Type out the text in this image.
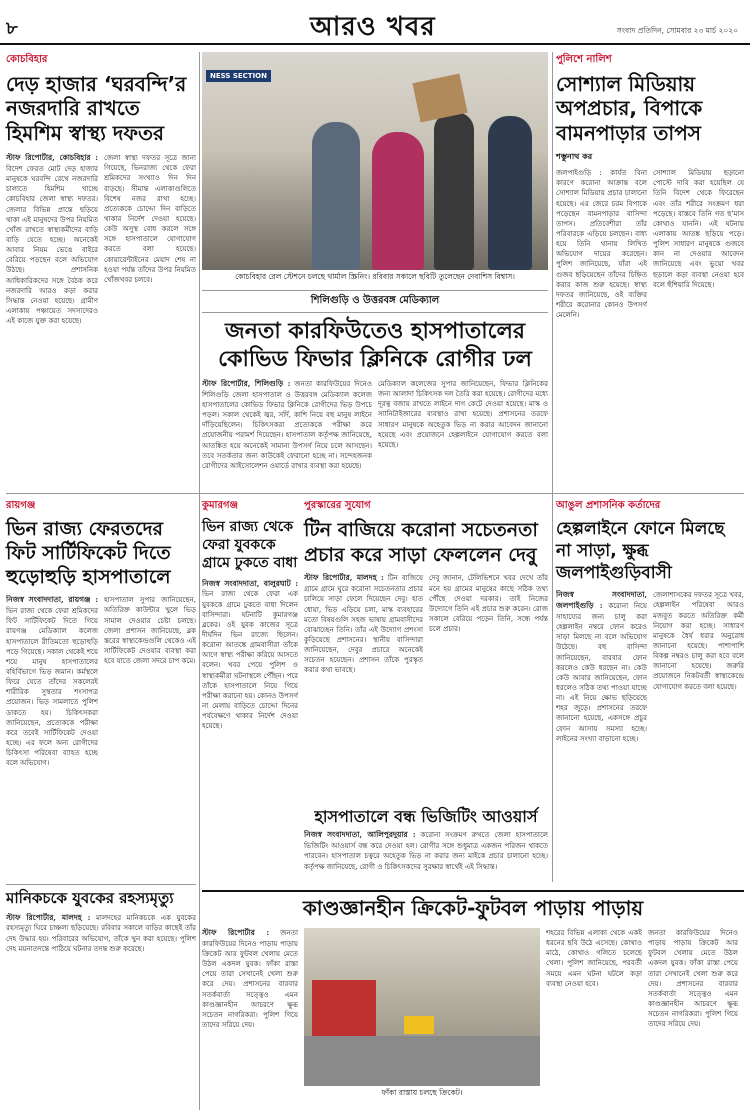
৮	আরও খবর	সংবাদ প্রতিদিন, সোমবার ২৩ মার্চ ২০২০
কোচবিহার
দেড় হাজার ‘ঘরবন্দি’র নজরদারি রাখতে হিমশিম স্বাস্থ্য দফতর
স্টাফ রিপোর্টার, কোচবিহার : বিদেশ ফেরত মোট দেড় হাজার মানুষকে ঘরবন্দি রেখে নজরদারি চালাতে হিমশিম খাচ্ছে কোচবিহার জেলা স্বাস্থ্য দফতর। জেলার বিভিন্ন প্রান্তে ছড়িয়ে থাকা এই মানুষদের উপর নিয়মিত খোঁজ রাখতে স্বাস্থ্যকর্মীদের বাড়ি বাড়ি যেতে হচ্ছে। অনেকেই আবার নিয়ম ভেঙে বাইরে বেরিয়ে পড়ছেন বলে অভিযোগ উঠছে। প্রশাসনিক আধিকারিকদের সঙ্গে বৈঠক করে নজরদারি আরও কড়া করার সিদ্ধান্ত নেওয়া হয়েছে। গ্রামীণ এলাকায় পঞ্চায়েত সদস্যদেরও এই কাজে যুক্ত করা হয়েছে।
জেলা স্বাস্থ্য দফতর সূত্রে জানা গিয়েছে, ভিনরাজ্য থেকে ফেরা শ্রমিকদের সংখ্যাও দিন দিন বাড়ছে। সীমান্ত এলাকাগুলিতে বিশেষ নজর রাখা হচ্ছে। প্রত্যেককে চোদ্দো দিন বাড়িতে থাকার নির্দেশ দেওয়া হয়েছে। কেউ অসুস্থ বোধ করলে সঙ্গে সঙ্গে হাসপাতালে যোগাযোগ করতে বলা হয়েছে। কোয়ারেন্টাইনের মেয়াদ শেষ না হওয়া পর্যন্ত তাঁদের উপর নিয়মিত খোঁজখবর চলবে।
NESS SECTION
কোচবিহার রেল স্টেশনে চলছে থার্মাল স্ক্রিনিং। রবিবার সকালে ছবিটি তুলেছেন দেবাশিস বিশ্বাস।
পুলিশে নালিশ
সোশ্যাল মিডিয়ায় অপপ্রচার, বিপাকে বামনপাড়ার তাপস
শম্ভুনাথ কর
জলপাইগুড়ি : কার্যত বিনা কারণে করোনা আক্রান্ত বলে সোশ্যাল মিডিয়ায় প্রচার চালানো হয়েছে। এর জেরে চরম বিপাকে পড়েছেন বামনপাড়ার বাসিন্দা তাপস। প্রতিবেশীরা তাঁর পরিবারকে এড়িয়ে চলছেন। বাধ্য হয়ে তিনি থানায় লিখিত অভিযোগ দায়ের করেছেন। পুলিশ জানিয়েছে, যাঁরা এই গুজব ছড়িয়েছেন তাঁদের চিহ্নিত করার কাজ শুরু হয়েছে। স্বাস্থ্য দফতর জানিয়েছে, ওই ব্যক্তির শরীরে করোনার কোনও উপসর্গ মেলেনি।
সোশ্যাল মিডিয়ায় ছড়ানো পোস্টে দাবি করা হয়েছিল যে তিনি বিদেশ থেকে ফিরেছেন এবং তাঁর শরীরে সংক্রমণ ধরা পড়েছে। বাস্তবে তিনি গত ছ'মাস কোথাও যাননি। এই ঘটনায় এলাকায় আতঙ্ক ছড়িয়ে পড়ে। পুলিশ সাধারণ মানুষকে গুজবে কান না দেওয়ার আবেদন জানিয়েছে এবং ভুয়ো খবর ছড়ালে কড়া ব্যবস্থা নেওয়া হবে বলে হুঁশিয়ারি দিয়েছে।
শিলিগুড়ি ও উত্তরবঙ্গ মেডিক্যাল
জনতা কারফিউতেও হাসপাতালের কোভিড ফিভার ক্লিনিকে রোগীর ঢল
স্টাফ রিপোর্টার, শিলিগুড়ি : জনতা কারফিউয়ের দিনেও শিলিগুড়ি জেলা হাসপাতাল ও উত্তরবঙ্গ মেডিক্যাল কলেজ হাসপাতালের কোভিড ফিভার ক্লিনিকে রোগীদের ভিড় উপচে পড়ল। সকাল থেকেই জ্বর, সর্দি, কাশি নিয়ে বহু মানুষ লাইনে দাঁড়িয়েছিলেন। চিকিৎসকরা প্রত্যেককে পরীক্ষা করে প্রয়োজনীয় পরামর্শ দিয়েছেন। হাসপাতাল কর্তৃপক্ষ জানিয়েছে, আতঙ্কিত হয়ে অনেকেই সামান্য উপসর্গ নিয়ে চলে আসছেন। তবে সতর্কতার জন্য কাউকেই ফেরানো হচ্ছে না। সন্দেহজনক রোগীদের আইসোলেশন ওয়ার্ডে রাখার ব্যবস্থা করা হয়েছে।
মেডিক্যাল কলেজের সুপার জানিয়েছেন, ফিভার ক্লিনিকের জন্য আলাদা চিকিৎসক দল তৈরি করা হয়েছে। রোগীদের মধ্যে দূরত্ব বজায় রাখতে লাইনে দাগ কেটে দেওয়া হয়েছে। মাস্ক ও স্যানিটাইজারের ব্যবস্থাও রাখা হয়েছে। প্রশাসনের তরফে সাধারণ মানুষকে অহেতুক ভিড় না করার আবেদন জানানো হয়েছে এবং প্রয়োজনে হেল্পলাইনে যোগাযোগ করতে বলা হয়েছে।
রায়গঞ্জ
ভিন রাজ্য ফেরতদের ফিট সার্টিফিকেট দিতে হুড়োহুড়ি হাসপাতালে
নিজস্ব সংবাদদাতা, রায়গঞ্জ : ভিন রাজ্য থেকে ফেরা শ্রমিকদের ফিট সার্টিফিকেট দিতে গিয়ে রায়গঞ্জ মেডিক্যাল কলেজ হাসপাতালে রীতিমতো হুড়োহুড়ি পড়ে গিয়েছে। সকাল থেকেই শয়ে শয়ে মানুষ হাসপাতালের বহির্বিভাগে ভিড় জমান। কর্মস্থলে ফিরে যেতে তাঁদের সকলেরই শারীরিক সুস্থতার শংসাপত্র প্রয়োজন। ভিড় সামলাতে পুলিশ ডাকতে হয়। চিকিৎসকরা জানিয়েছেন, প্রত্যেককে পরীক্ষা করে তবেই সার্টিফিকেট দেওয়া হচ্ছে। এর ফলে অন্য রোগীদের চিকিৎসা পরিষেবা ব্যাহত হচ্ছে বলে অভিযোগ।
হাসপাতাল সুপার জানিয়েছেন, অতিরিক্ত কাউন্টার খুলে ভিড় সামাল দেওয়ার চেষ্টা চলছে। জেলা প্রশাসন জানিয়েছে, ব্লক স্তরের স্বাস্থ্যকেন্দ্রগুলি থেকেও এই সার্টিফিকেট দেওয়ার ব্যবস্থা করা হবে যাতে জেলা সদরে চাপ কমে।
কুমারগঞ্জ
ভিন রাজ্য থেকে ফেরা যুবককে গ্রামে ঢুকতে বাধা
নিজস্ব সংবাদদাতা, বালুরঘাট : ভিন রাজ্য থেকে ফেরা এক যুবককে গ্রামে ঢুকতে বাধা দিলেন বাসিন্দারা। ঘটনাটি কুমারগঞ্জ ব্লকের। ওই যুবক কাজের সূত্রে দীর্ঘদিন ভিন রাজ্যে ছিলেন। করোনা আতঙ্কে গ্রামবাসীরা তাঁকে আগে স্বাস্থ্য পরীক্ষা করিয়ে আসতে বলেন। খবর পেয়ে পুলিশ ও স্বাস্থ্যকর্মীরা ঘটনাস্থলে পৌঁছন। পরে তাঁকে হাসপাতালে নিয়ে গিয়ে পরীক্ষা করানো হয়। কোনও উপসর্গ না মেলায় বাড়িতে চোদ্দো দিনের পর্যবেক্ষণে থাকার নির্দেশ দেওয়া হয়েছে।
পুরস্কারের সুযোগ
টিন বাজিয়ে করোনা সচেতনতা প্রচার করে সাড়া ফেললেন দেবু
স্টাফ রিপোর্টার, মালদহ : টিন বাজিয়ে গ্রামে গ্রামে ঘুরে করোনা সচেতনতার প্রচার চালিয়ে সাড়া ফেলে দিয়েছেন দেবু। হাত ধোয়া, ভিড় এড়িয়ে চলা, মাস্ক ব্যবহারের মতো বিষয়গুলি সহজ ভাষায় গ্রামবাসীদের বোঝাচ্ছেন তিনি। তাঁর এই উদ্যোগ প্রশংসা কুড়িয়েছে প্রশাসনের। স্থানীয় বাসিন্দারা জানিয়েছেন, দেবুর প্রচারে অনেকেই সচেতন হয়েছেন। প্রশাসন তাঁকে পুরস্কৃত করার কথা ভাবছে।
দেবু জানান, টেলিভিশনে খবর দেখে তাঁর মনে হয় গ্রামের মানুষের কাছে সঠিক তথ্য পৌঁছে দেওয়া দরকার। তাই নিজের উদ্যোগে তিনি এই প্রচার শুরু করেন। রোজ সকালে বেরিয়ে পড়েন তিনি, সন্ধে পর্যন্ত চলে প্রচার।
হাসপাতালে বন্ধ ভিজিটিং আওয়ার্স
নিজস্ব সংবাদদাতা, আলিপুরদুয়ার : করোনা সংক্রমণ রুখতে জেলা হাসপাতালে ভিজিটিং আওয়ার্স বন্ধ করে দেওয়া হল। রোগীর সঙ্গে শুধুমাত্র একজন পরিজন থাকতে পারবেন। হাসপাতাল চত্বরে অহেতুক ভিড় না করার জন্য মাইকে প্রচার চালানো হচ্ছে। কর্তৃপক্ষ জানিয়েছে, রোগী ও চিকিৎসকদের সুরক্ষার স্বার্থেই এই সিদ্ধান্ত।
আঙুল প্রশাসনিক কর্তাদের
হেল্পলাইনে ফোনে মিলছে না সাড়া, ক্ষুব্ধ জলপাইগুড়িবাসী
নিজস্ব সংবাদদাতা, জলপাইগুড়ি : করোনা নিয়ে সাহায্যের জন্য চালু করা হেল্পলাইন নম্বরে ফোন করেও সাড়া মিলছে না বলে অভিযোগ উঠেছে। বহু বাসিন্দা জানিয়েছেন, বারবার ফোন করলেও কেউ ধরছেন না। কেউ কেউ আবার জানিয়েছেন, ফোন ধরলেও সঠিক তথ্য পাওয়া যাচ্ছে না। এই নিয়ে ক্ষোভ ছড়িয়েছে শহর জুড়ে। প্রশাসনের তরফে জানানো হয়েছে, একসঙ্গে প্রচুর ফোন আসায় সমস্যা হচ্ছে। লাইনের সংখ্যা বাড়ানো হচ্ছে।
জেলাশাসকের দফতর সূত্রে খবর, হেল্পলাইন পরিষেবা আরও মজবুত করতে অতিরিক্ত কর্মী নিয়োগ করা হচ্ছে। সাধারণ মানুষকে ধৈর্য ধরার অনুরোধ জানানো হয়েছে। পাশাপাশি বিকল্প নম্বরও চালু করা হবে বলে জানানো হয়েছে। জরুরি প্রয়োজনে নিকটবর্তী স্বাস্থ্যকেন্দ্রে যোগাযোগ করতে বলা হয়েছে।
মানিকচকে যুবকের রহস্যমৃত্যু
স্টাফ রিপোর্টার, মালদহ : মালদহের মানিকচকে এক যুবকের রহস্যমৃত্যু ঘিরে চাঞ্চল্য ছড়িয়েছে। রবিবার সকালে বাড়ির কাছেই তাঁর দেহ উদ্ধার হয়। পরিবারের অভিযোগ, তাঁকে খুন করা হয়েছে। পুলিশ দেহ ময়নাতদন্তে পাঠিয়ে ঘটনার তদন্ত শুরু করেছে।
কাণ্ডজ্ঞানহীন ক্রিকেট-ফুটবল পাড়ায় পাড়ায়
স্টাফ রিপোর্টার : জনতা কারফিউয়ের দিনেও পাড়ায় পাড়ায় ক্রিকেট আর ফুটবল খেলায় মেতে উঠল একদল যুবক। ফাঁকা রাস্তা পেয়ে তারা সেখানেই খেলা শুরু করে দেয়। প্রশাসনের বারবার সতর্কবার্তা সত্ত্বেও এমন কাণ্ডজ্ঞানহীন আচরণে ক্ষুব্ধ সচেতন নাগরিকরা। পুলিশ গিয়ে তাদের সরিয়ে দেয়।
ফাঁকা রাস্তায় চলছে ক্রিকেট।
শহরের বিভিন্ন এলাকা থেকে একই ধরনের ছবি উঠে এসেছে। কোথাও মাঠে, কোথাও গলিতে চলেছে খেলা। পুলিশ জানিয়েছে, পরবর্তী সময়ে এমন ঘটনা ঘটলে কড়া ব্যবস্থা নেওয়া হবে।
জনতা কারফিউয়ের দিনেও পাড়ায় পাড়ায় ক্রিকেট আর ফুটবল খেলায় মেতে উঠল একদল যুবক। ফাঁকা রাস্তা পেয়ে তারা সেখানেই খেলা শুরু করে দেয়। প্রশাসনের বারবার সতর্কবার্তা সত্ত্বেও এমন কাণ্ডজ্ঞানহীন আচরণে ক্ষুব্ধ সচেতন নাগরিকরা। পুলিশ গিয়ে তাদের সরিয়ে দেয়।
